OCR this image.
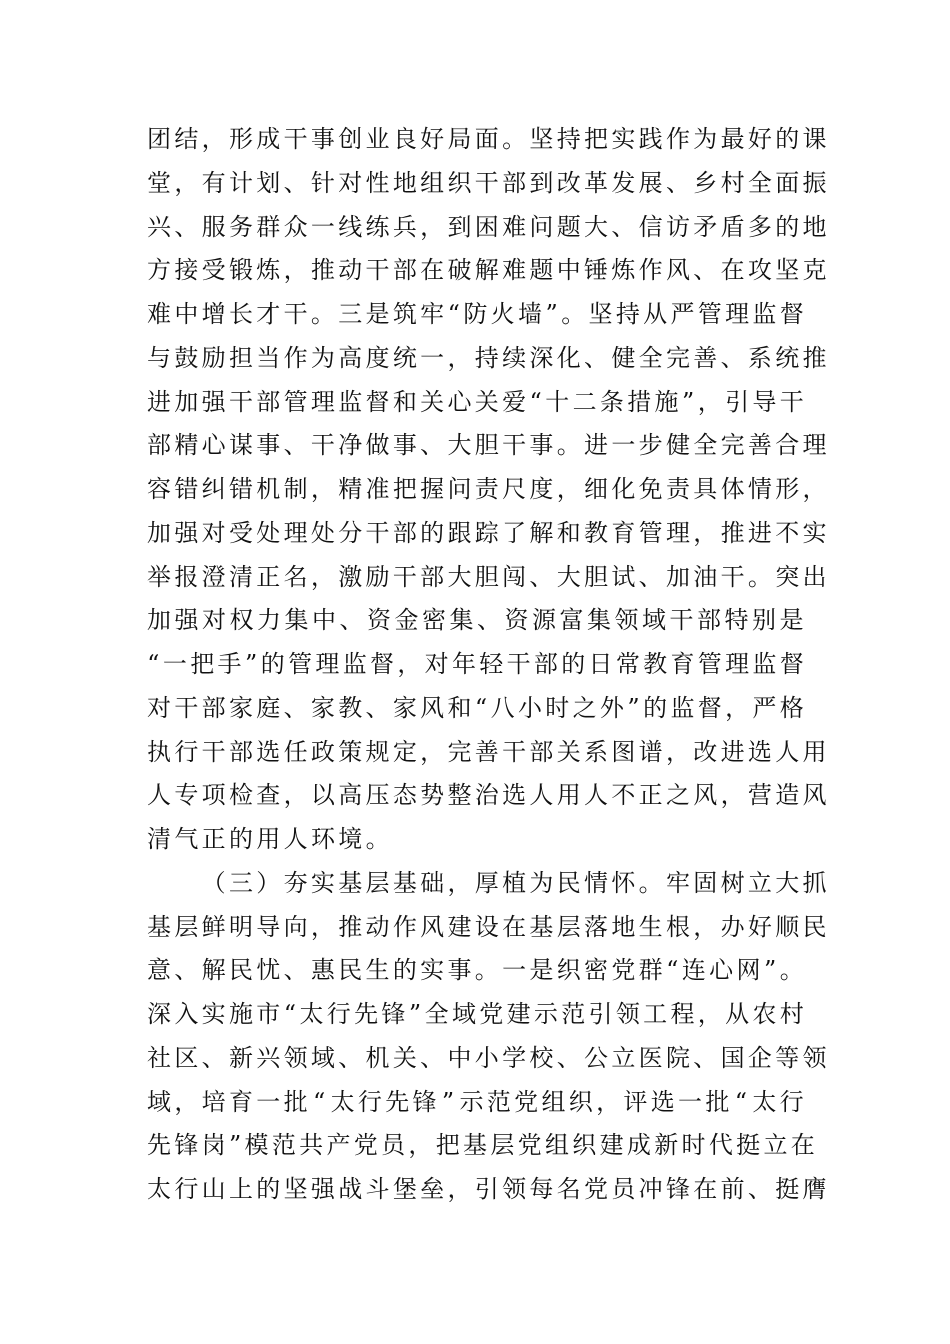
团 结 ， 形 成 干 事 创 业 良 好 局 面 。 坚 持 把 实 践 作 为 最 好 的 课
堂 ， 有 计 划 、 针 对 性 地 组 织 干 部 到 改 革 发 展 、 乡 村 全 面 振
兴 、 服 务 群 众 一 线 练 兵 ， 到 困 难 问 题 大 、 信 访 矛 盾 多 的 地
方 接 受 锻 炼 ， 推 动 干 部 在 破 解 难 题 中 锤 炼 作 风 、 在 攻 坚 克
难 中 增 长 才 干 。 三 是 筑 牢 “ 防 火 墙 ” 。 坚 持 从 严 管 理 监 督
与 鼓 励 担 当 作 为 高 度 统 一 ， 持 续 深 化 、 健 全 完 善 、 系 统 推
进 加 强 干 部 管 理 监 督 和 关 心 关 爱 “ 十 二 条 措 施 ” ， 引 导 干
部 精 心 谋 事 、 干 净 做 事 、 大 胆 干 事 。 进 一 步 健 全 完 善 合 理
容 错 纠 错 机 制 ， 精 准 把 握 问 责 尺 度 ， 细 化 免 责 具 体 情 形 ，
加 强 对 受 处 理 处 分 干 部 的 跟 踪 了 解 和 教 育 管 理 ， 推 进 不 实
举 报 澄 清 正 名 ， 激 励 干 部 大 胆 闯 、 大 胆 试 、 加 油 干 。 突 出
加 强 对 权 力 集 中 、 资 金 密 集 、 资 源 富 集 领 域 干 部 特 别 是
“ 一 把 手 ” 的 管 理 监 督 ， 对 年 轻 干 部 的 日 常 教 育 管 理 监 督
对 干 部 家 庭 、 家 教 、 家 风 和 “ 八 小 时 之 外 ” 的 监 督 ， 严 格
执 行 干 部 选 任 政 策 规 定 ， 完 善 干 部 关 系 图 谱 ， 改 进 选 人 用
人 专 项 检 查 ， 以 高 压 态 势 整 治 选 人 用 人 不 正 之 风 ， 营 造 风
清 气 正 的 用 人 环 境 。
（ 三 ） 夯 实 基 层 基 础 ， 厚 植 为 民 情 怀 。 牢 固 树 立 大 抓
基 层 鲜 明 导 向 ， 推 动 作 风 建 设 在 基 层 落 地 生 根 ， 办 好 顺 民
意 、 解 民 忧 、 惠 民 生 的 实 事 。 一 是 织 密 党 群 “ 连 心 网 ” 。
深 入 实 施 市 “ 太 行 先 锋 ” 全 域 党 建 示 范 引 领 工 程 ， 从 农 村
社 区 、 新 兴 领 域 、 机 关 、 中 小 学 校 、 公 立 医 院 、 国 企 等 领
域 ， 培 育 一 批 “ 太 行 先 锋 ” 示 范 党 组 织 ， 评 选 一 批 “ 太 行
先 锋 岗 ” 模 范 共 产 党 员 ， 把 基 层 党 组 织 建 成 新 时 代 挺 立 在
太 行 山 上 的 坚 强 战 斗 堡 垒 ， 引 领 每 名 党 员 冲 锋 在 前 、 挺 膺
